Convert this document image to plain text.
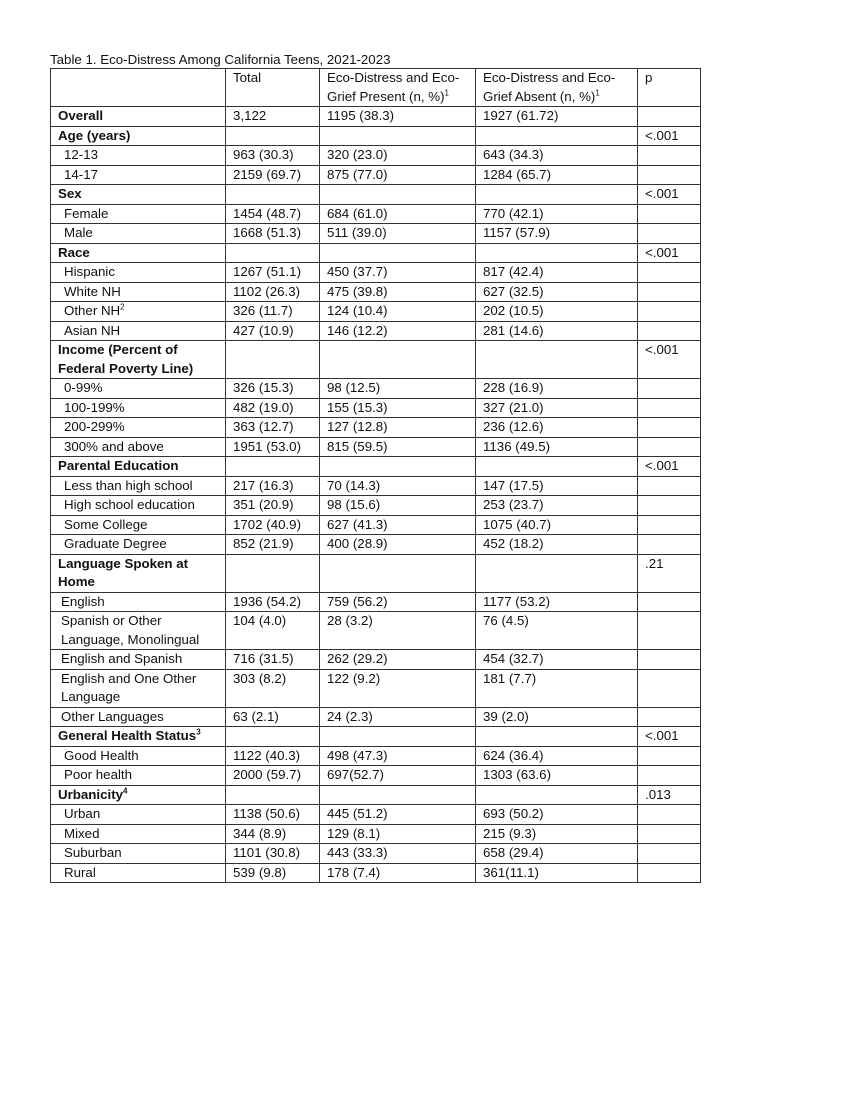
Table 1. Eco-Distress Among California Teens, 2021-2023
	Total	Eco-Distress and Eco-Grief Present (n, %)$^1$	Eco-Distress and Eco-Grief Absent (n, %)$^1$	p
Overall	3,122	1195 (38.3)	1927 (61.72)	
Age (years)				<.001
12-13	963 (30.3)	320 (23.0)	643 (34.3)	
14-17	2159 (69.7)	875 (77.0)	1284 (65.7)	
Sex				<.001
Female	1454 (48.7)	684 (61.0)	770 (42.1)	
Male	1668 (51.3)	511 (39.0)	1157 (57.9)	
Race				<.001
Hispanic	1267 (51.1)	450 (37.7)	817 (42.4)	
White NH	1102 (26.3)	475 (39.8)	627 (32.5)	
Other $NH^2$	326 (11.7)	124 (10.4)	202 (10.5)	
Asian NH	427 (10.9)	146 (12.2)	281 (14.6)	
Income (Percent of Federal Poverty Line)				<.001
0-99%	326 (15.3)	98 (12.5)	228 (16.9)	
100-199%	482 (19.0)	155 (15.3)	327 (21.0)	
200-299%	363 (12.7)	127 (12.8)	236 (12.6)	
300% and above	1951 (53.0)	815 (59.5)	1136 (49.5)	
Parental Education				<.001
Less than high school	217 (16.3)	70 (14.3)	147 (17.5)	
High school education	351 (20.9)	98 (15.6)	253 (23.7)	
Some College	1702 (40.9)	627 (41.3)	1075 (40.7)	
Graduate Degree	852 (21.9)	400 (28.9)	452 (18.2)	
Language Spoken at Home				.21
English	1936 (54.2)	759 (56.2)	1177 (53.2)	
Spanish or Other Language, Monolingual	104 (4.0)	28 (3.2)	76 (4.5)	
English and Spanish	716 (31.5)	262 (29.2)	454 (32.7)	
English and One Other Language	303 (8.2)	122 (9.2)	181 (7.7)	
Other Languages	63 (2.1)	24 (2.3)	39 (2.0)	
General Health Status$^3$				<.001
Good Health	1122 (40.3)	498 (47.3)	624 (36.4)	
Poor health	2000 (59.7)	697(52.7)	1303 (63.6)	
Urbanicity$^4$				.013
Urban	1138 (50.6)	445 (51.2)	693 (50.2)	
Mixed	344 (8.9)	129 (8.1)	215 (9.3)	
Suburban	1101 (30.8)	443 (33.3)	658 (29.4)	
Rural	539 (9.8)	178 (7.4)	361(11.1)	
